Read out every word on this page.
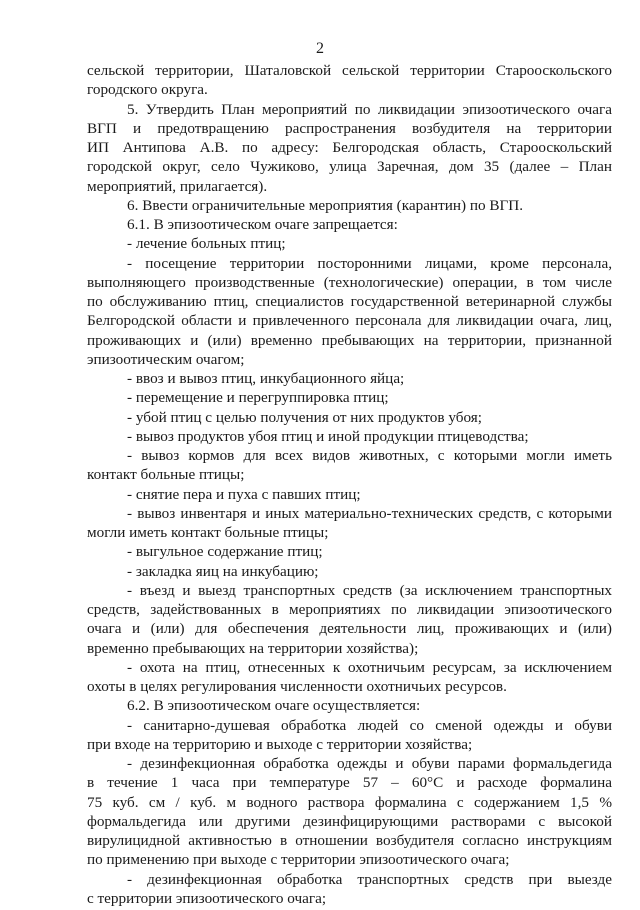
2
сельской территории, Шаталовской сельской территории Старооскольского
городского округа.
5. Утвердить План мероприятий по ликвидации эпизоотического очага
ВГП и предотвращению распространения возбудителя на территории
ИП Антипова А.В. по адресу: Белгородская область, Старооскольский
городской округ, село Чужиково, улица Заречная, дом 35 (далее – План
мероприятий, прилагается).
6. Ввести ограничительные мероприятия (карантин) по ВГП.
6.1. В эпизоотическом очаге запрещается:
- лечение больных птиц;
- посещение территории посторонними лицами, кроме персонала,
выполняющего производственные (технологические) операции, в том числе
по обслуживанию птиц, специалистов государственной ветеринарной службы
Белгородской области и привлеченного персонала для ликвидации очага, лиц,
проживающих и (или) временно пребывающих на территории, признанной
эпизоотическим очагом;
- ввоз и вывоз птиц, инкубационного яйца;
- перемещение и перегруппировка птиц;
- убой птиц с целью получения от них продуктов убоя;
- вывоз продуктов убоя птиц и иной продукции птицеводства;
- вывоз кормов для всех видов животных, с которыми могли иметь
контакт больные птицы;
- снятие пера и пуха с павших птиц;
- вывоз инвентаря и иных материально-технических средств, с которыми
могли иметь контакт больные птицы;
- выгульное содержание птиц;
- закладка яиц на инкубацию;
- въезд и выезд транспортных средств (за исключением транспортных
средств, задействованных в мероприятиях по ликвидации эпизоотического
очага и (или) для обеспечения деятельности лиц, проживающих и (или)
временно пребывающих на территории хозяйства);
- охота на птиц, отнесенных к охотничьим ресурсам, за исключением
охоты в целях регулирования численности охотничьих ресурсов.
6.2. В эпизоотическом очаге осуществляется:
- санитарно-душевая обработка людей со сменой одежды и обуви
при входе на территорию и выходе с территории хозяйства;
- дезинфекционная обработка одежды и обуви парами формальдегида
в течение 1 часа при температуре 57 – 60°С и расходе формалина
75 куб. см / куб. м водного раствора формалина с содержанием 1,5 %
формальдегида или другими дезинфицирующими растворами с высокой
вирулицидной активностью в отношении возбудителя согласно инструкциям
по применению при выходе с территории эпизоотического очага;
- дезинфекционная обработка транспортных средств при выезде
с территории эпизоотического очага;
